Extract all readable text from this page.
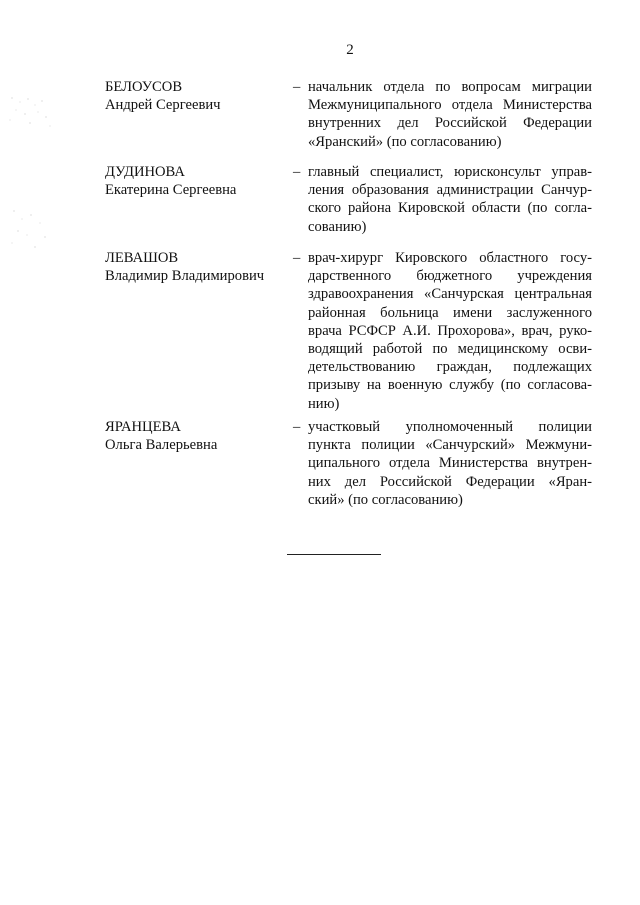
2
БЕЛОУСОВ
Андрей Сергеевич
– начальник отдела по вопросам миграции
Межмуниципального отдела Министерства
внутренних дел Российской Федерации
«Яранский» (по согласованию)
ДУДИНОВА
Екатерина Сергеевна
– главный специалист, юрисконсульт управ-
ления образования администрации Санчур-
ского района Кировской области (по согла-
сованию)
ЛЕВАШОВ
Владимир Владимирович
– врач-хирург Кировского областного госу-
дарственного бюджетного учреждения
здравоохранения «Санчурская центральная
районная больница имени заслуженного
врача РСФСР А.И. Прохорова», врач, руко-
водящий работой по медицинскому осви-
детельствованию граждан, подлежащих
призыву на военную службу (по согласова-
нию)
ЯРАНЦЕВА
Ольга Валерьевна
– участковый уполномоченный полиции
пункта полиции «Санчурский» Межмуни-
ципального отдела Министерства внутрен-
них дел Российской Федерации «Яран-
ский» (по согласованию)
